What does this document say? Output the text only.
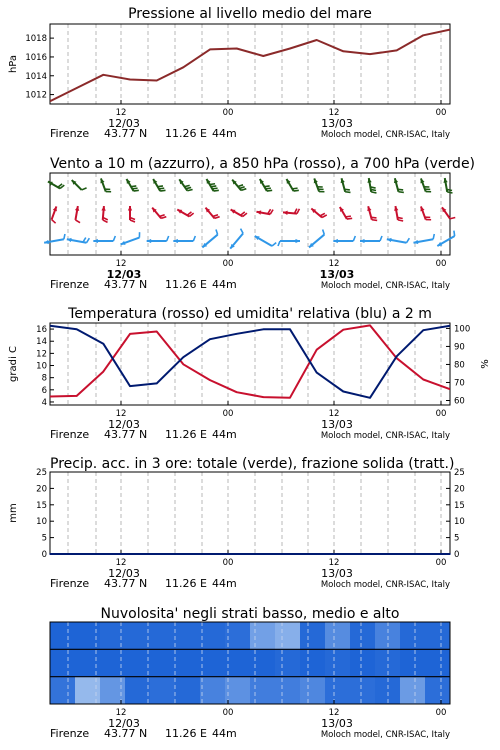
Pressione al livello medio del mare
12	00	12	00
12/03	13/03
Firenze 43.77 N 11.26 E 44m	Moloch model, CNR-ISAC, Italy
1012
1014
1016
1018
hPa
Vento a 10 m (azzurro), a 850 hPa (rosso), a 700 hPa (verde)
12	00	12	00
12/03	13/03
Firenze 43.77 N 11.26 E 44m	Moloch model, CNR-ISAC, Italy
Temperatura (rosso) ed umidita' relativa (blu) a 2 m
12	00	12	00
12/03	13/03
Firenze 43.77 N 11.26 E 44m	Moloch model, CNR-ISAC, Italy
4
6
8
10
12
14
16
60
70
80
90
100
gradi C	%
Precip. acc. in 3 ore: totale (verde), frazione solida (tratt.)
12	00	12	00
12/03	13/03
Firenze 43.77 N 11.26 E 44m	Moloch model, CNR-ISAC, Italy
0
5
10
15
20
25
0
5
10
15
20
25
mm
Nuvolosita' negli strati basso, medio e alto
12	00	12	00
12/03	13/03
Firenze 43.77 N 11.26 E 44m	Moloch model, CNR-ISAC, Italy
